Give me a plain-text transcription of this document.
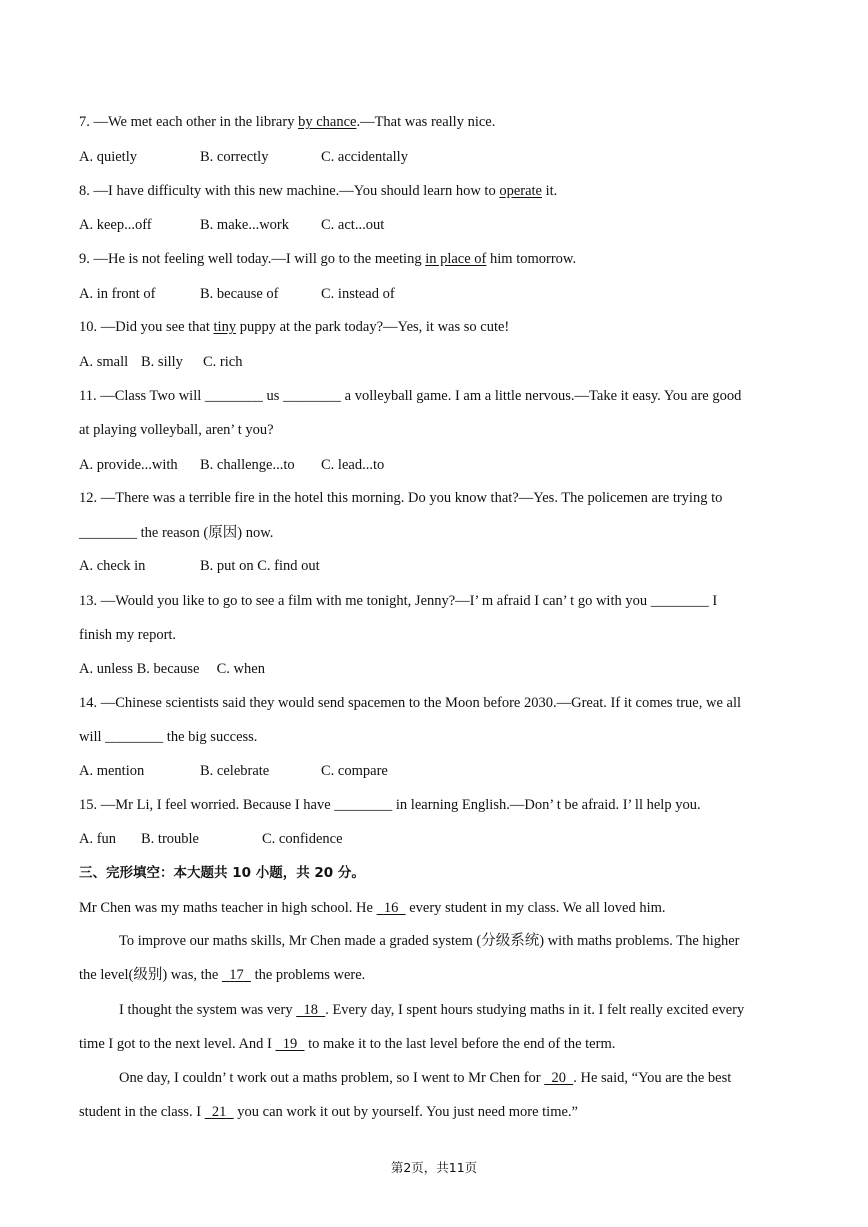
7. —We met each other in the library by chance.—That was really nice.
A. quietly	B. correctly	C. accidentally
8. —I have difficulty with this new machine.—You should learn how to operate it.
A. keep...off	B. make...work C. act...out
9. —He is not feeling well today.—I will go to the meeting in place of him tomorrow.
A. in front of	B. because of	C. instead of
10. —Did you see that tiny puppy at the park today?—Yes, it was so cute!
A. small B. silly C. rich
11. —Class Two will ________ us ________ a volleyball game. I am a little nervous.—Take it easy. You are good
at playing volleyball, aren’ t you?
A. provide...with B. challenge...to C. lead...to
12. —There was a terrible fire in the hotel this morning. Do you know that?—Yes. The policemen are trying to
________ the reason (原因) now.
A. check in	B. put on C. find out
13. —Would you like to go to see a film with me tonight, Jenny?—I’ m afraid I can’ t go with you ________ I
finish my report.
A. unless B. because C. when
14. —Chinese scientists said they would send spacemen to the Moon before 2030.—Great. If it comes true, we all
will ________ the big success.
A. mention	B. celebrate	C. compare
15. —Mr Li, I feel worried. Because I have ________ in learning English.—Don’ t be afraid. I’ ll help you.
A. fun B. trouble	C. confidence
三、完形填空：本大题共 10 小题，共 20 分。
Mr Chen was my maths teacher in high school. He   16   every student in my class. We all loved him.
To improve our maths skills, Mr Chen made a graded system (分级系统) with maths problems. The higher
the level(级别) was, the   17   the problems were.
I thought the system was very   18 . Every day, I spent hours studying maths in it. I felt really excited every
time I got to the next level. And I   19   to make it to the last level before the end of the term.
One day, I couldn’ t work out a maths problem, so I went to Mr Chen for   20 . He said, “You are the best
student in the class. I   21   you can work it out by yourself. You just need more time.”
第2页，共11页
